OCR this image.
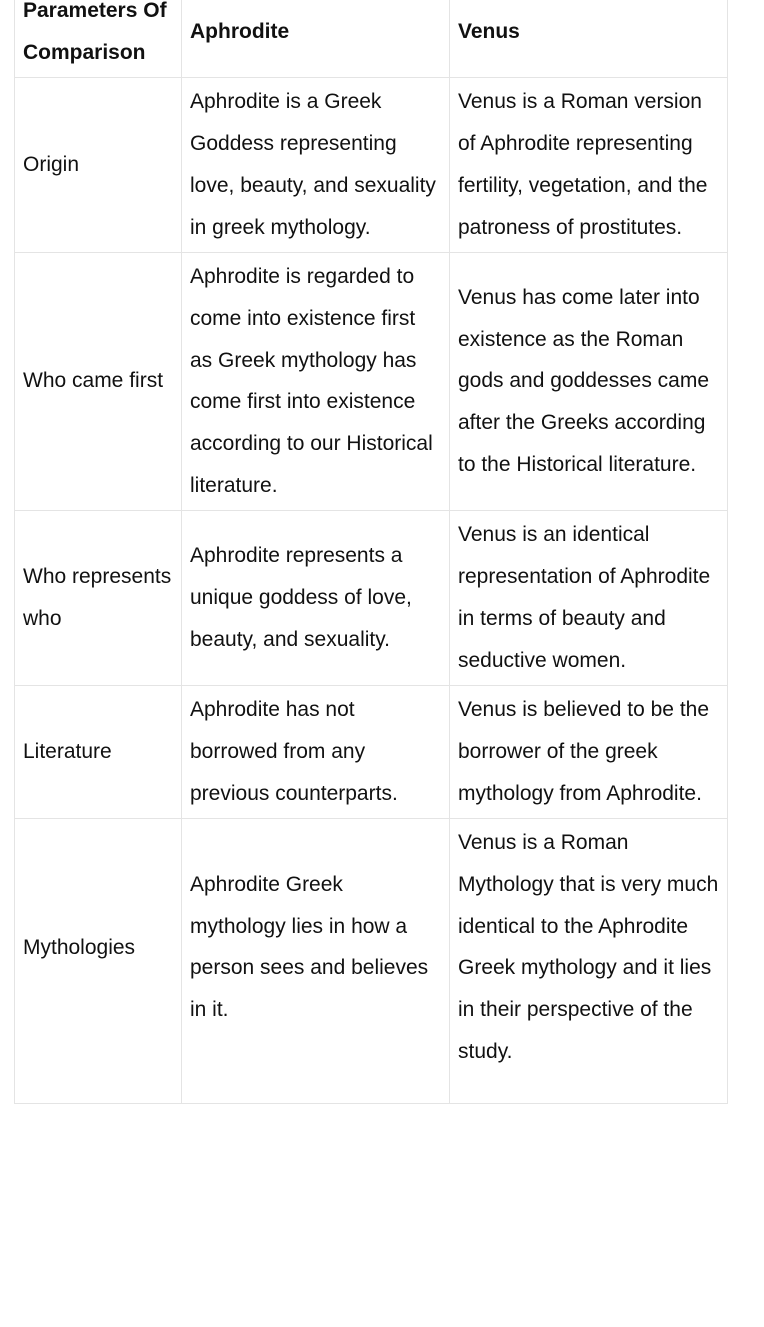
Parameters Of Comparison	Aphrodite	Venus
Origin	Aphrodite is a Greek Goddess representing love, beauty, and sexuality in greek mythology.	Venus is a Roman version of Aphrodite representing fertility, vegetation, and the patroness of prostitutes.
Who came first	Aphrodite is regarded to come into existence first as Greek mythology has come first into existence according to our Historical literature.	Venus has come later into existence as the Roman gods and goddesses came after the Greeks according to the Historical literature.
Who represents who	Aphrodite represents a unique goddess of love, beauty, and sexuality.	Venus is an identical representation of Aphrodite in terms of beauty and seductive women.
Literature	Aphrodite has not borrowed from any previous counterparts.	Venus is believed to be the borrower of the greek mythology from Aphrodite.
Mythologies	Aphrodite Greek mythology lies in how a person sees and believes in it.	Venus is a Roman Mythology that is very much identical to the Aphrodite Greek mythology and it lies in their perspective of the study.
